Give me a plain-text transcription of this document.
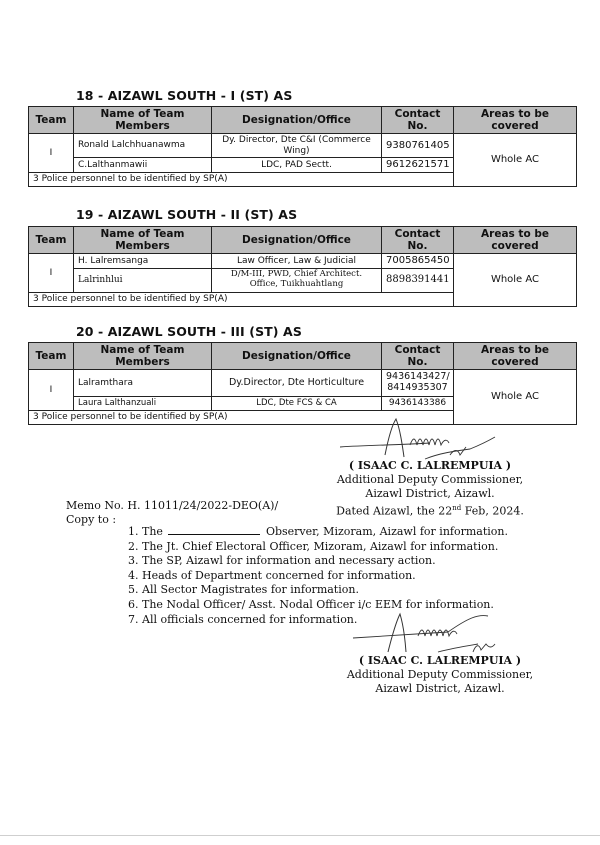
18 - AIZAWL SOUTH - I (ST) AS
Team	Name of Team Members	Designation/Office	Contact No.	Areas to be covered
I	Ronald Lalchhuanawma	Dy. Director, Dte C&I (Commerce Wing)	9380761405	Whole AC
	C.Lalthanmawii	LDC, PAD Sectt.	9612621571	
3 Police personnel to be identified by SP(A)				
19 - AIZAWL SOUTH - II (ST) AS
Team	Name of Team Members	Designation/Office	Contact No.	Areas to be covered
I	H. Lalremsanga	Law Officer, Law & Judicial	7005865450	Whole AC
	Lalrinhlui	D/M-III, PWD, Chief Architect. Office, Tuikhuahtlang	8898391441	
3 Police personnel to be identified by SP(A)				
20 - AIZAWL SOUTH - III (ST) AS
Team	Name of Team Members	Designation/Office	Contact No.	Areas to be covered
I	Lalramthara	Dy.Director, Dte Horticulture	9436143427/ 8414935307	Whole AC
	Laura Lalthanzuali	LDC, Dte FCS & CA	9436143386	
3 Police personnel to be identified by SP(A)				
( ISAAC C. LALREMPUIA )
Additional Deputy Commissioner,
Aizawl District, Aizawl.
Dated Aizawl, the 22nd Feb, 2024.
Memo No. H. 11011/24/2022-DEO(A)/
Copy to :
1. The	Observer, Mizoram, Aizawl for information.
2. The Jt. Chief Electoral Officer, Mizoram, Aizawl for information.
3. The SP, Aizawl for information and necessary action.
4. Heads of Department concerned for information.
5. All Sector Magistrates for information.
6. The Nodal Officer/ Asst. Nodal Officer i/c EEM for information.
7. All officials concerned for information.
( ISAAC C. LALREMPUIA )
Additional Deputy Commissioner,
Aizawl District, Aizawl.
